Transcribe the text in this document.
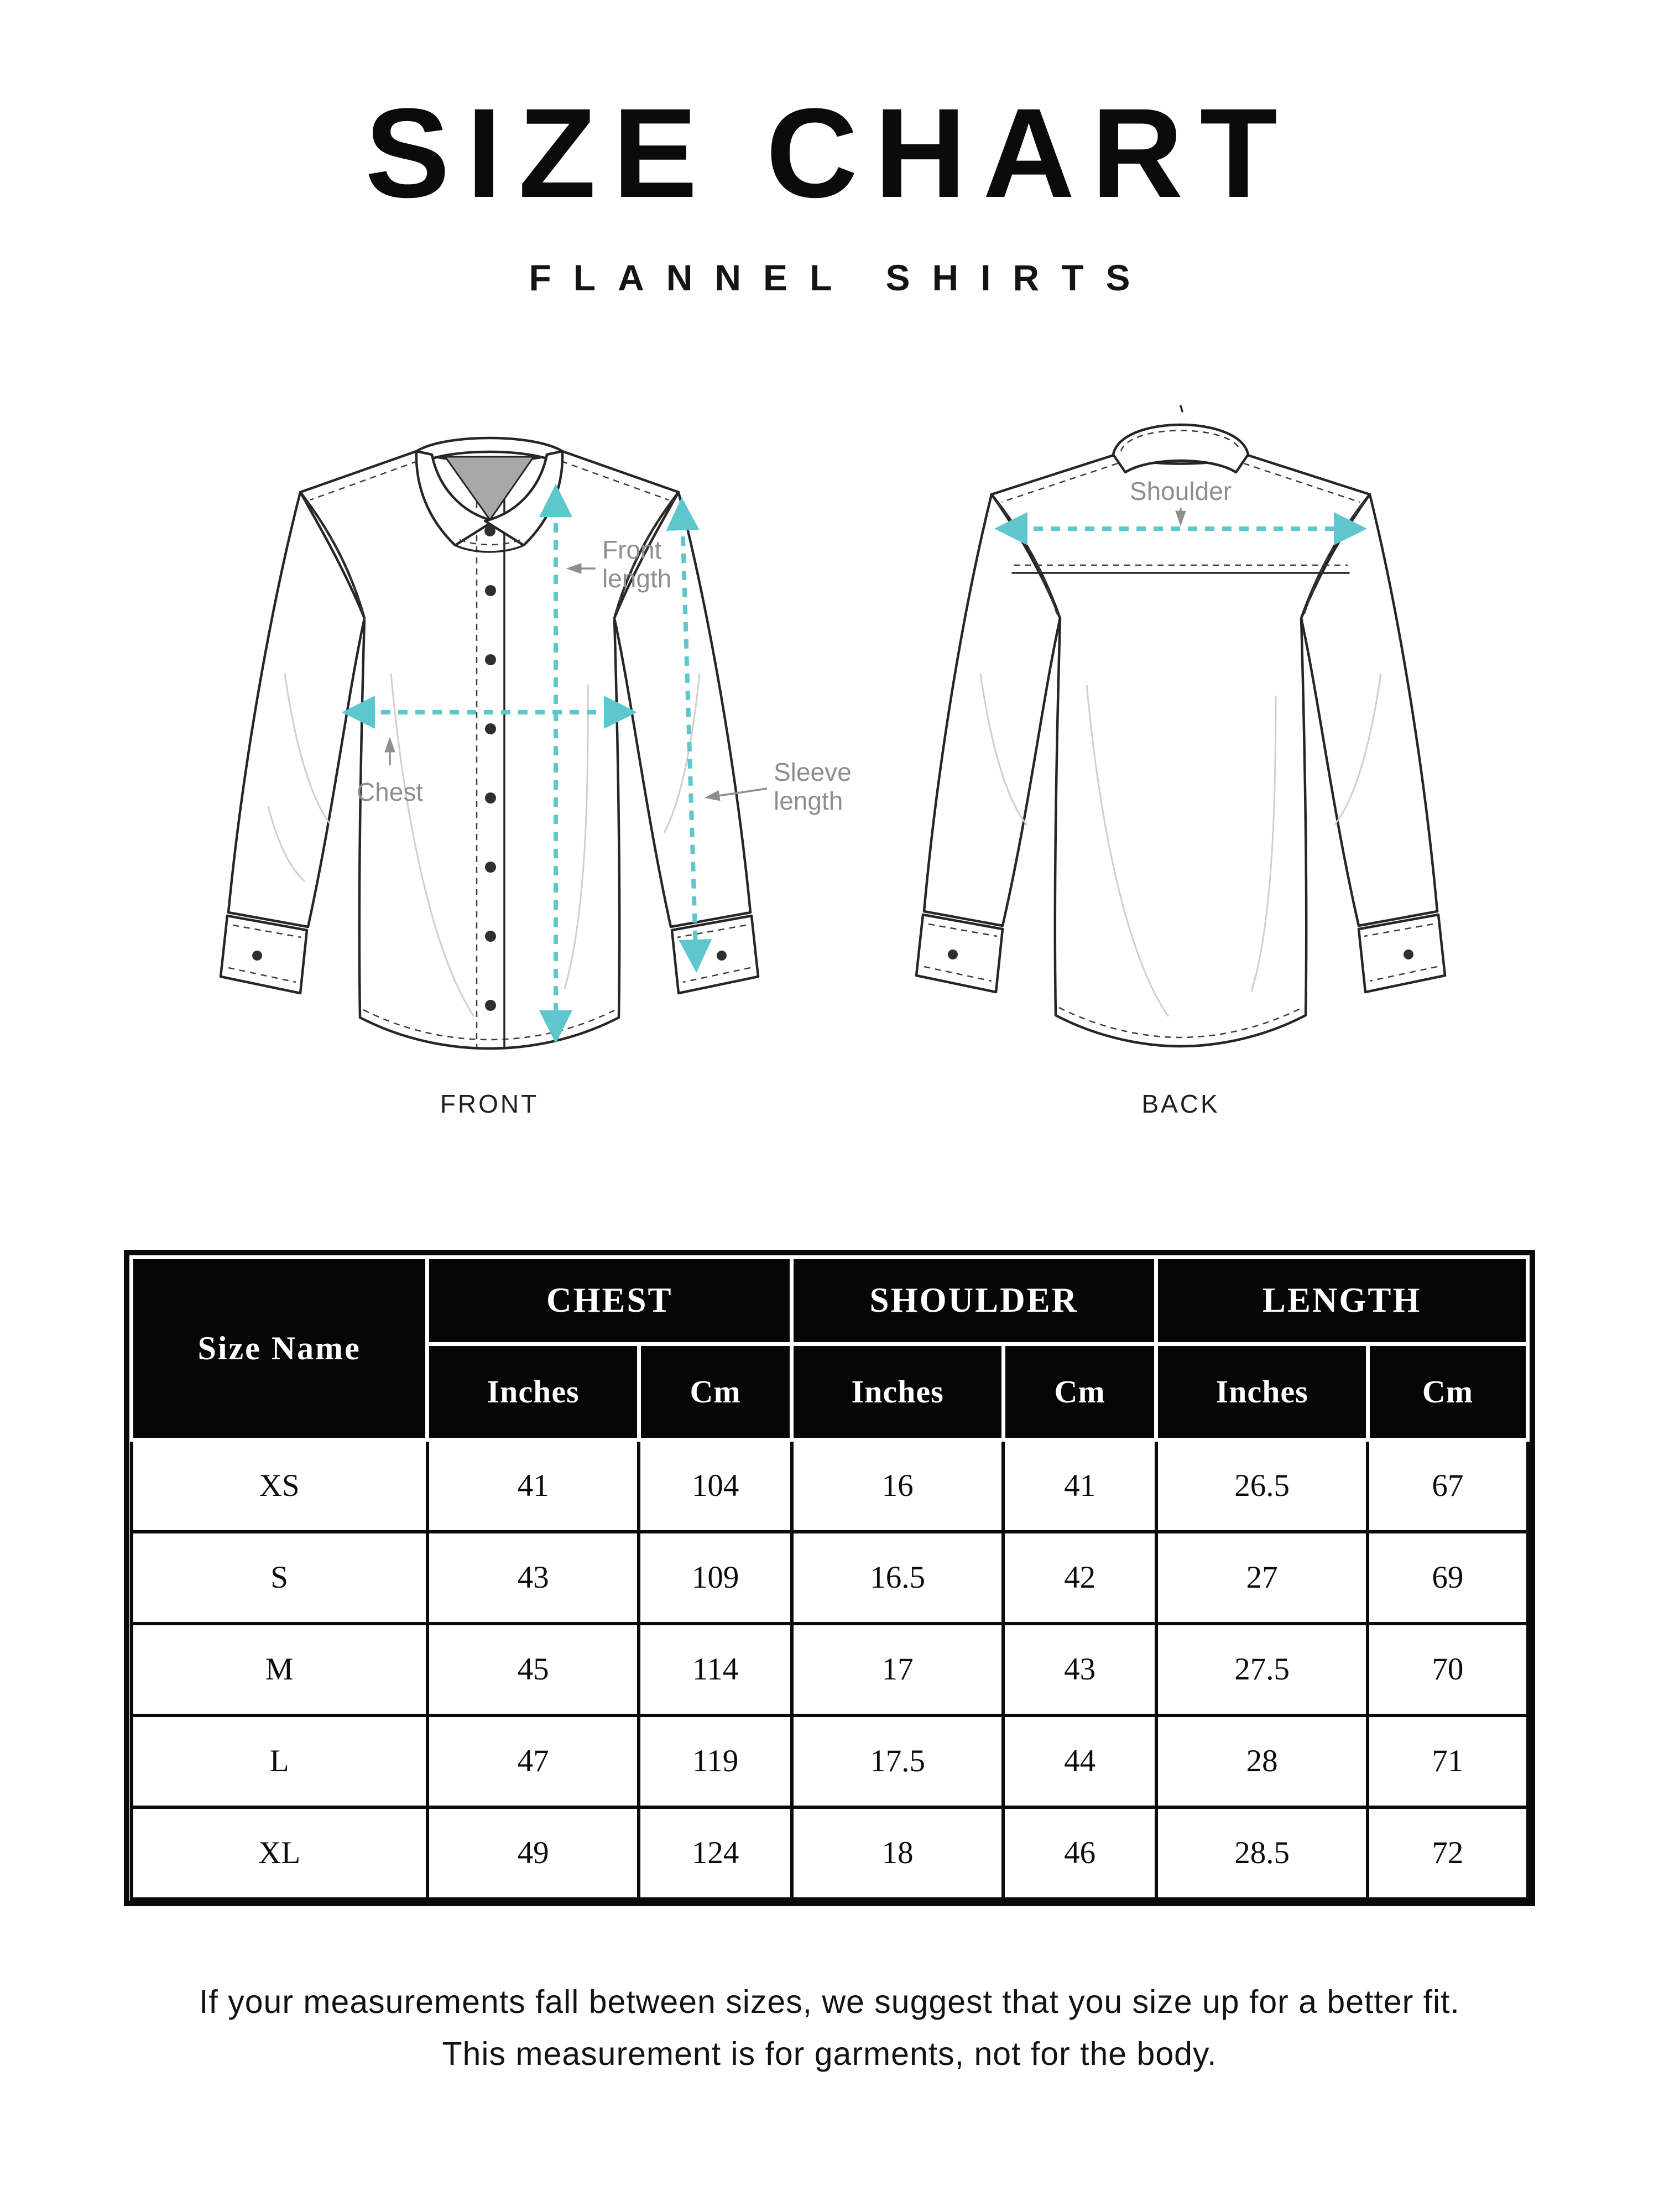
SIZE CHART
FLANNEL SHIRTS
Chest
Front
length
Sleeve
length
FRONT
Shoulder
BACK
Size Name	CHEST		SHOULDER		LENGTH	
	Inches	Cm	Inches	Cm	Inches	Cm
XS	41	104	16	41	26.5	67
S	43	109	16.5	42	27	69
M	45	114	17	43	27.5	70
L	47	119	17.5	44	28	71
XL	49	124	18	46	28.5	72

If your measurements fall between sizes, we suggest that you size up for a better fit.

This measurement is for garments, not for the body.
